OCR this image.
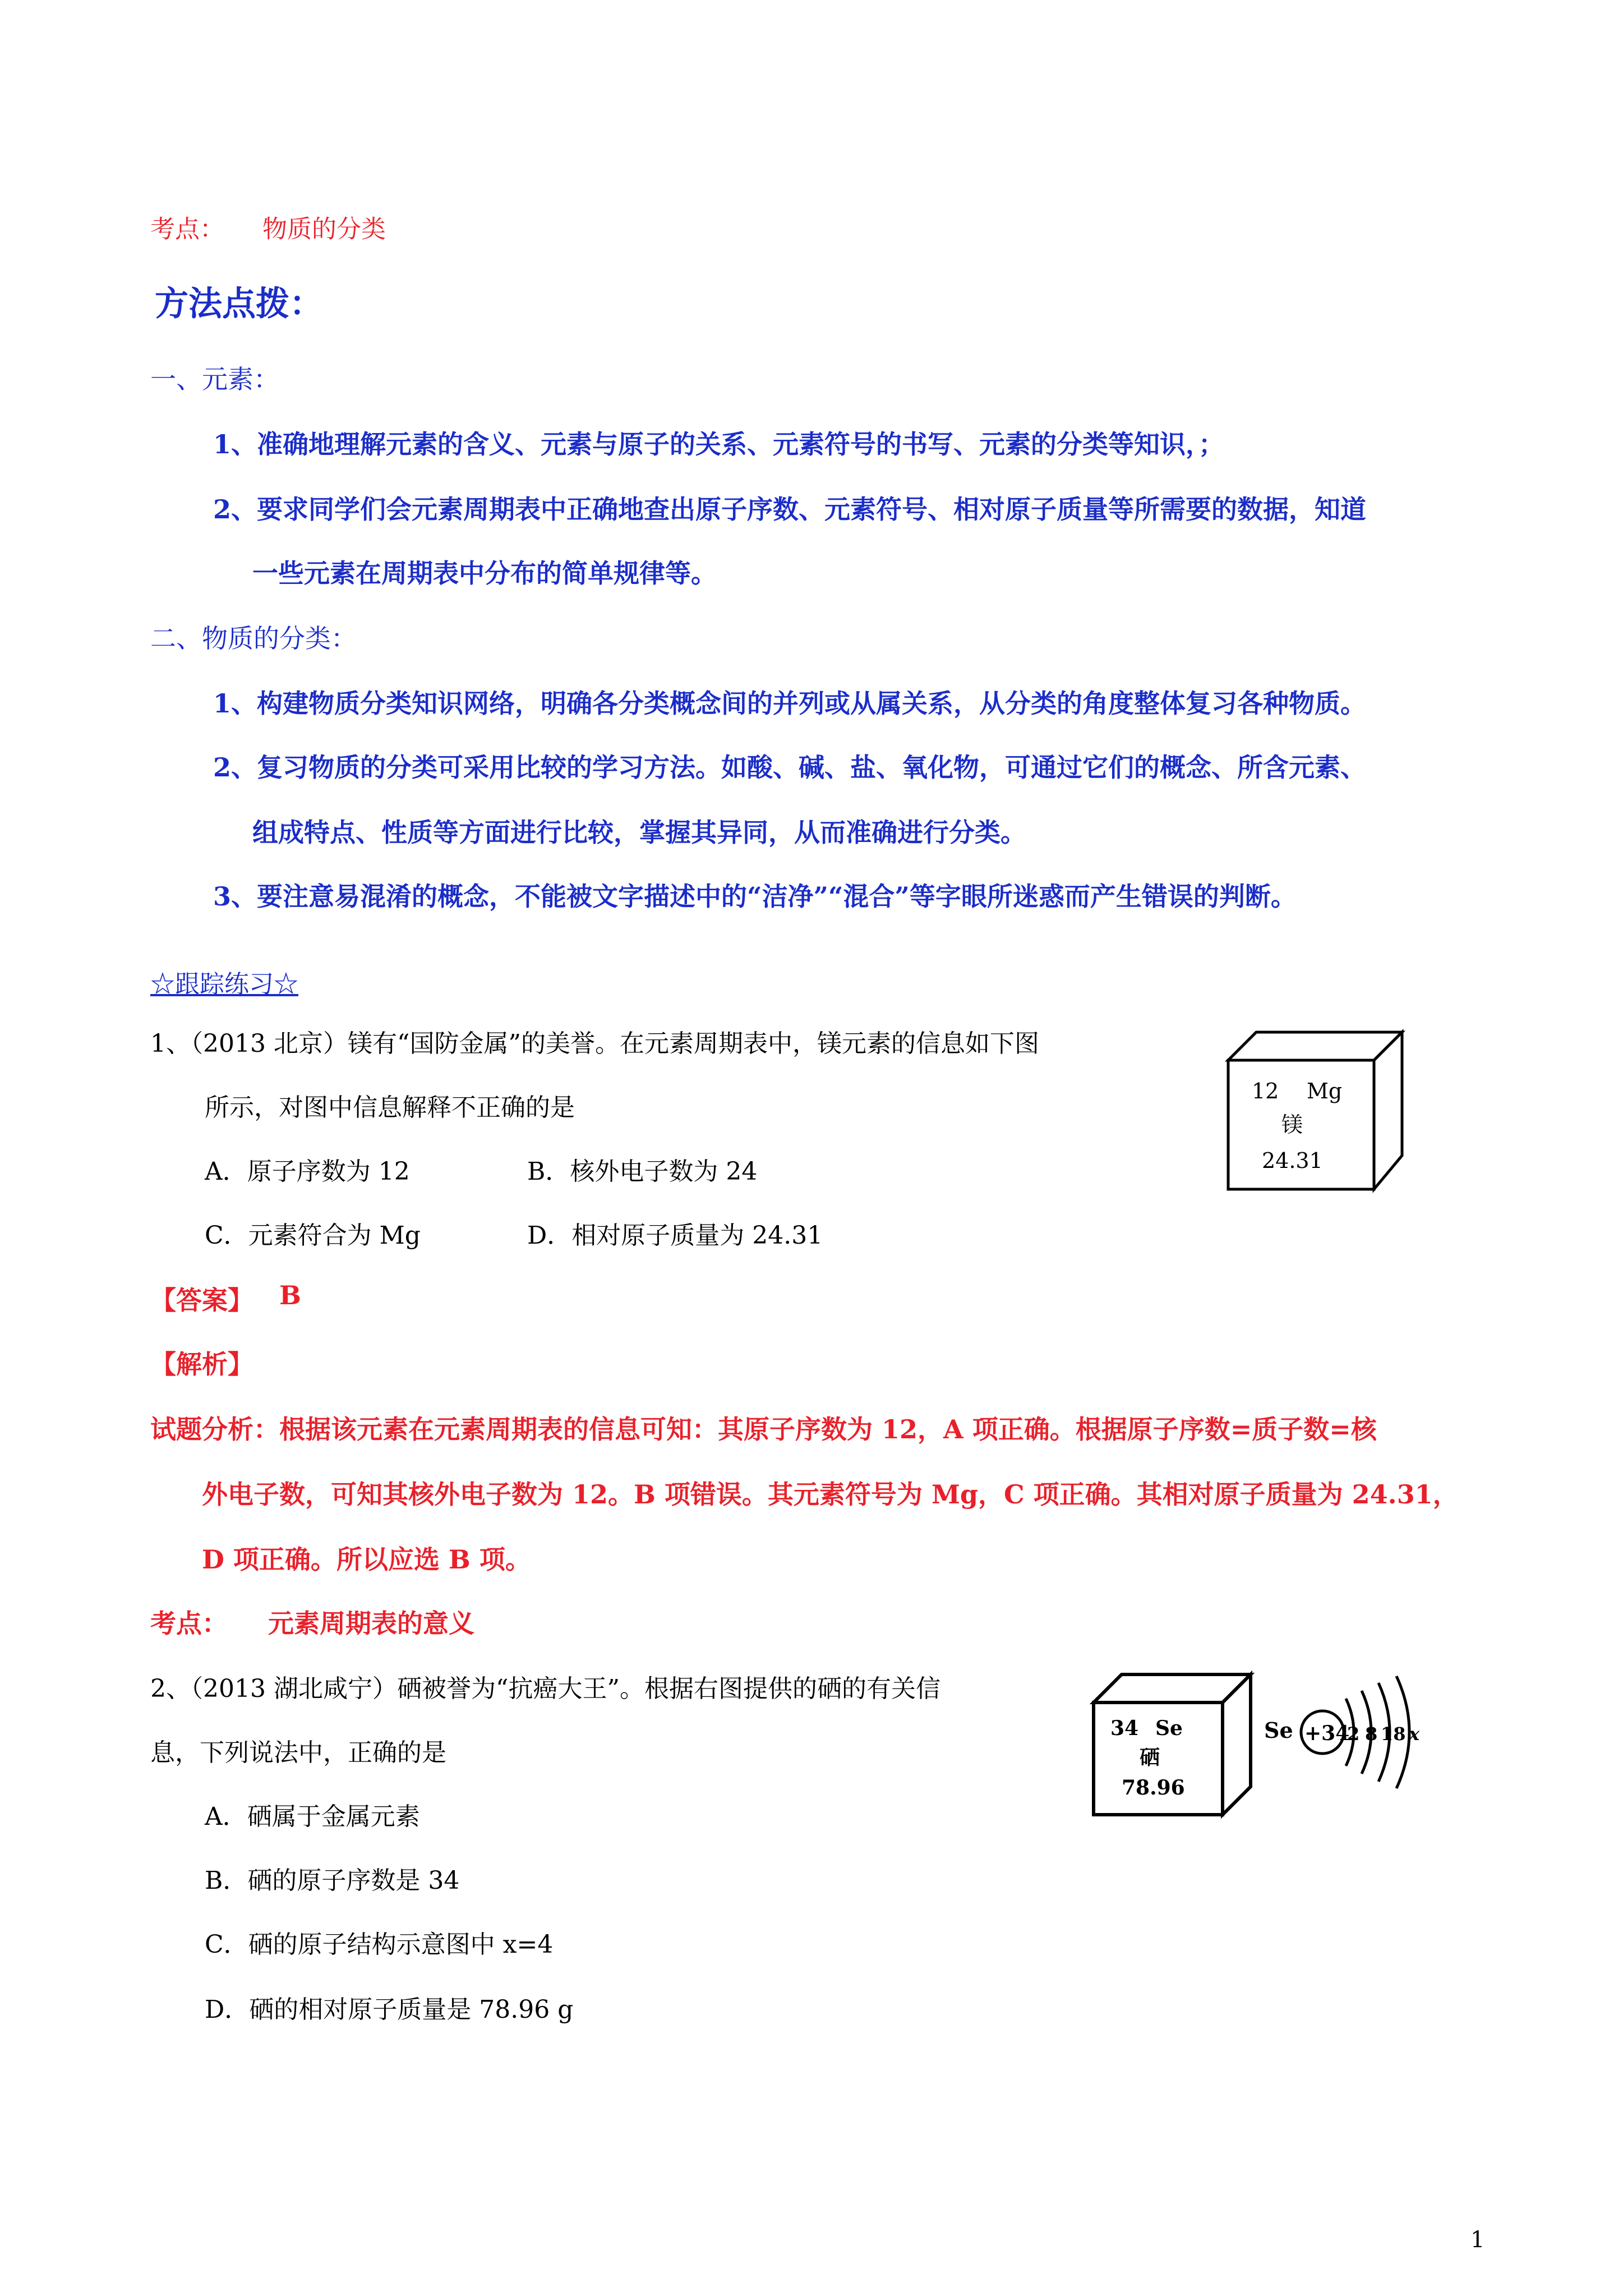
考点： 物质的分类
方法点拨：
一、元素：
1、准确地理解元素的含义、元素与原子的关系、元素符号的书写、元素的分类等知识，；
2、要求同学们会元素周期表中正确地查出原子序数、元素符号、相对原子质量等所需要的数据，知道
一些元素在周期表中分布的简单规律等。
二、物质的分类：
1、构建物质分类知识网络，明确各分类概念间的并列或从属关系，从分类的角度整体复习各种物质。
2、复习物质的分类可采用比较的学习方法。如酸、碱、盐、氧化物，可通过它们的概念、所含元素、
组成特点、性质等方面进行比较，掌握其异同，从而准确进行分类。
3、要注意易混淆的概念，不能被文字描述中的“洁净”“混合”等字眼所迷惑而产生错误的判断。
☆跟踪练习☆
1、（2013 北京）镁有“国防金属”的美誉。在元素周期表中，镁元素的信息如下图
所示，对图中信息解释不正确的是
A．原子序数为 12	B．核外电子数为 24
C．元素符合为 Mg	D．相对原子质量为 24.31
12 Mg
镁
24.31
【答案】 B
【解析】
试题分析：根据该元素在元素周期表的信息可知：其原子序数为 12，A 项正确。根据原子序数=质子数=核
外电子数，可知其核外电子数为 12。B 项错误。其元素符号为 Mg，C 项正确。其相对原子质量为 24.31，
D 项正确。所以应选 B 项。
考点： 元素周期表的意义
2、（2013 湖北咸宁）硒被誉为“抗癌大王”。根据右图提供的硒的有关信
息，下列说法中，正确的是
A．硒属于金属元素
B．硒的原子序数是 34
C．硒的原子结构示意图中 x=4
D．硒的相对原子质量是 78.96 g
34 Se
硒
78.96
Se +34
2 8 18 x
1
